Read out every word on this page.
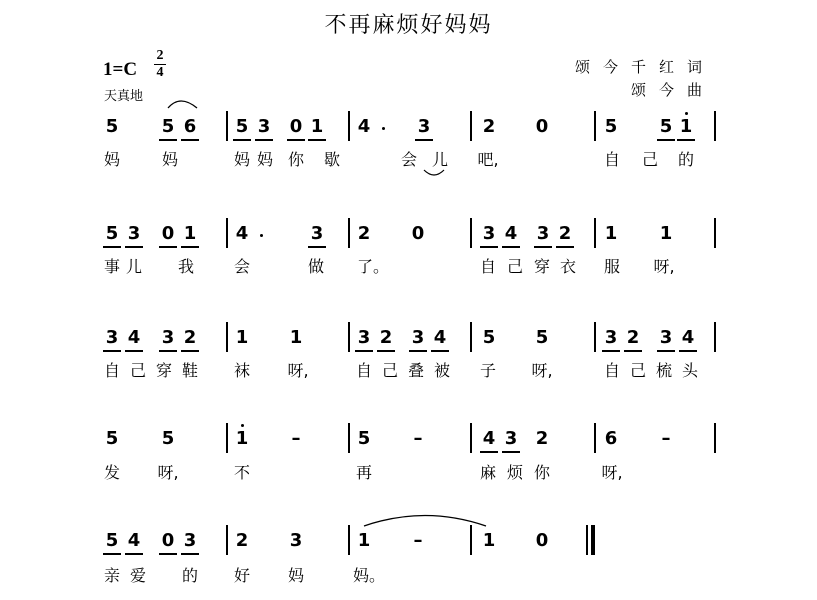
不再麻烦好妈妈
1=C
2
4
天真地
颂今千红词
颂今曲
5 5 6 5 3 0 1 4	3	2 0	5 5 1
妈	妈	妈 妈 你 歇	会 儿 吧,	自 己 的
5 3 0 1 4	3 2 0	3 4 3 2 1 1
事 儿 我 会	做 了。	自 己 穿 衣 服 呀,
3 4 3 2 1 1	3 2 3 4 5 5	3 2 3 4
自 己 穿 鞋 袜 呀,	自 己 叠 被 子 呀,	自 己 梳 头
5 5	1 –	5 –	4 3 2	6 –
发 呀,	不	再	麻 烦 你	呀,
5 4 0 3 2 3	1 –	1 0
亲 爱 的 好 妈	妈。
